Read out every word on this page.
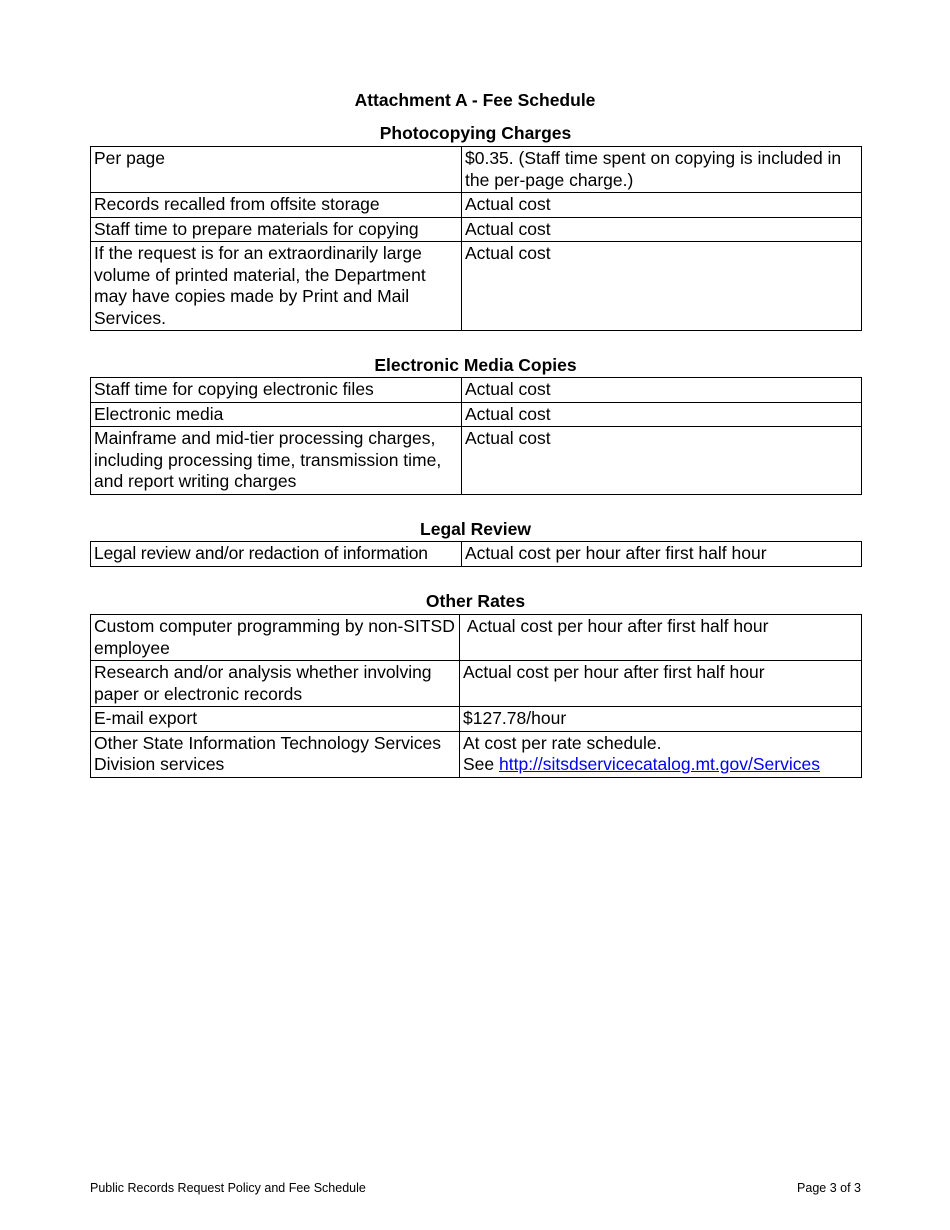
Attachment A - Fee Schedule
Photocopying Charges
Per page	$0.35. (Staff time spent on copying is included in the per-page charge.)
Records recalled from offsite storage	Actual cost
Staff time to prepare materials for copying	Actual cost
If the request is for an extraordinarily large volume of printed material, the Department may have copies made by Print and Mail Services.	Actual cost
Electronic Media Copies
Staff time for copying electronic files	Actual cost
Electronic media	Actual cost
Mainframe and mid-tier processing charges, including processing time, transmission time, and report writing charges	Actual cost
Legal Review
Legal review and/or redaction of information	Actual cost per hour after first half hour
Other Rates
Custom computer programming by non-SITSD employee	Actual cost per hour after first half hour
Research and/or analysis whether involving paper or electronic records	Actual cost per hour after first half hour
E-mail export	$127.78/hour
Other State Information Technology Services Division services	At cost per rate schedule.
See http://sitsdservicecatalog.mt.gov/Services
Public Records Request Policy and Fee Schedule	Page 3 of 3
